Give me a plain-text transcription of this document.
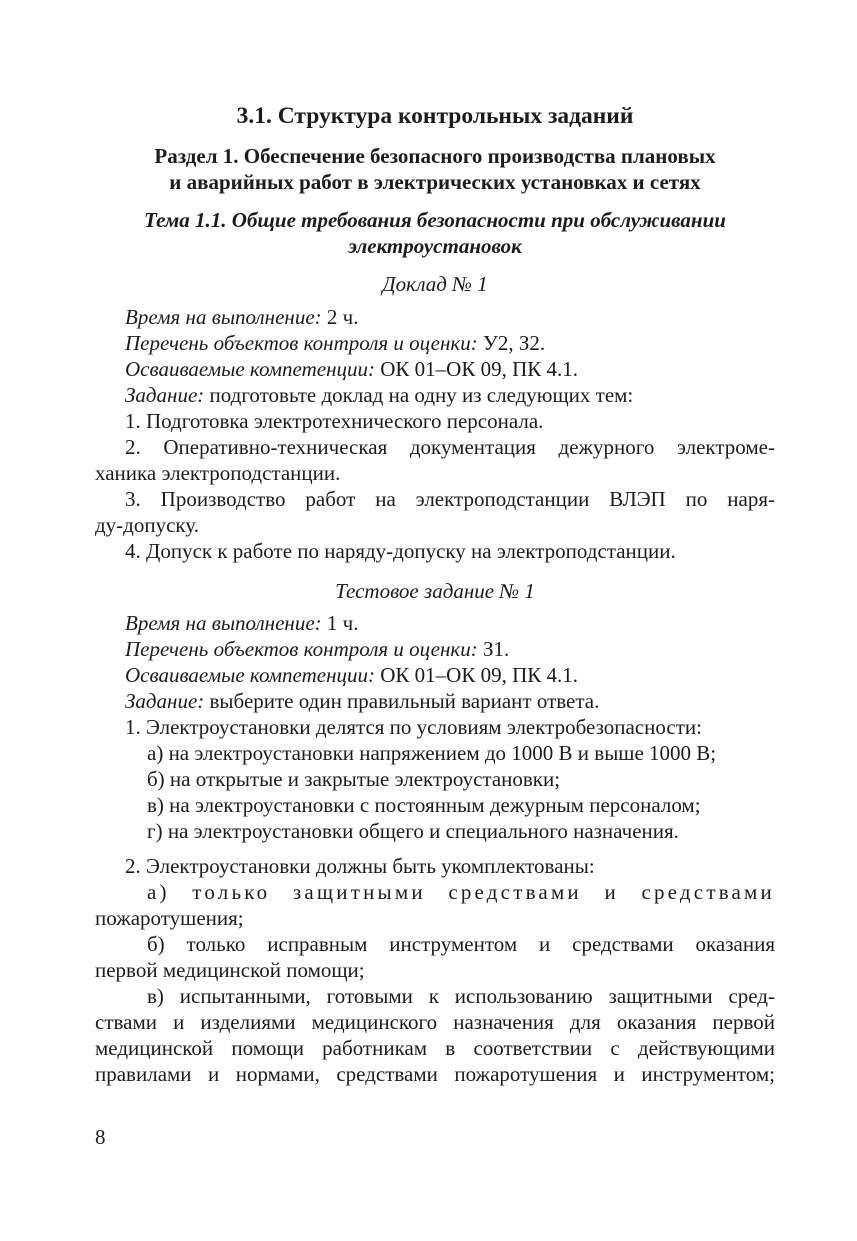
3.1. Структура контрольных заданий
Раздел 1. Обеспечение безопасного производства плановых
и аварийных работ в электрических установках и сетях
Тема 1.1. Общие требования безопасности при обслуживании
электроустановок
Доклад № 1
Время на выполнение: 2 ч.
Перечень объектов контроля и оценки: У2, З2.
Осваиваемые компетенции: ОК 01–ОК 09, ПК 4.1.
Задание: подготовьте доклад на одну из следующих тем:
1. Подготовка электротехнического персонала.
2. Оперативно-техническая документация дежурного электроме-
ханика электроподстанции.
3. Производство работ на электроподстанции ВЛЭП по наря-
ду-допуску.
4. Допуск к работе по наряду-допуску на электроподстанции.
Тестовое задание № 1
Время на выполнение: 1 ч.
Перечень объектов контроля и оценки: З1.
Осваиваемые компетенции: ОК 01–ОК 09, ПК 4.1.
Задание: выберите один правильный вариант ответа.
1. Электроустановки делятся по условиям электробезопасности:
а) на электроустановки напряжением до 1000 В и выше 1000 В;
б) на открытые и закрытые электроустановки;
в) на электроустановки с постоянным дежурным персоналом;
г) на электроустановки общего и специального назначения.
2. Электроустановки должны быть укомплектованы:
а) только защитными средствами и средствами
пожаротушения;
б) только исправным инструментом и средствами оказания
первой медицинской помощи;
в) испытанными, готовыми к использованию защитными сред-
ствами и изделиями медицинского назначения для оказания первой
медицинской помощи работникам в соответствии с действующими
правилами и нормами, средствами пожаротушения и инструментом;
8
